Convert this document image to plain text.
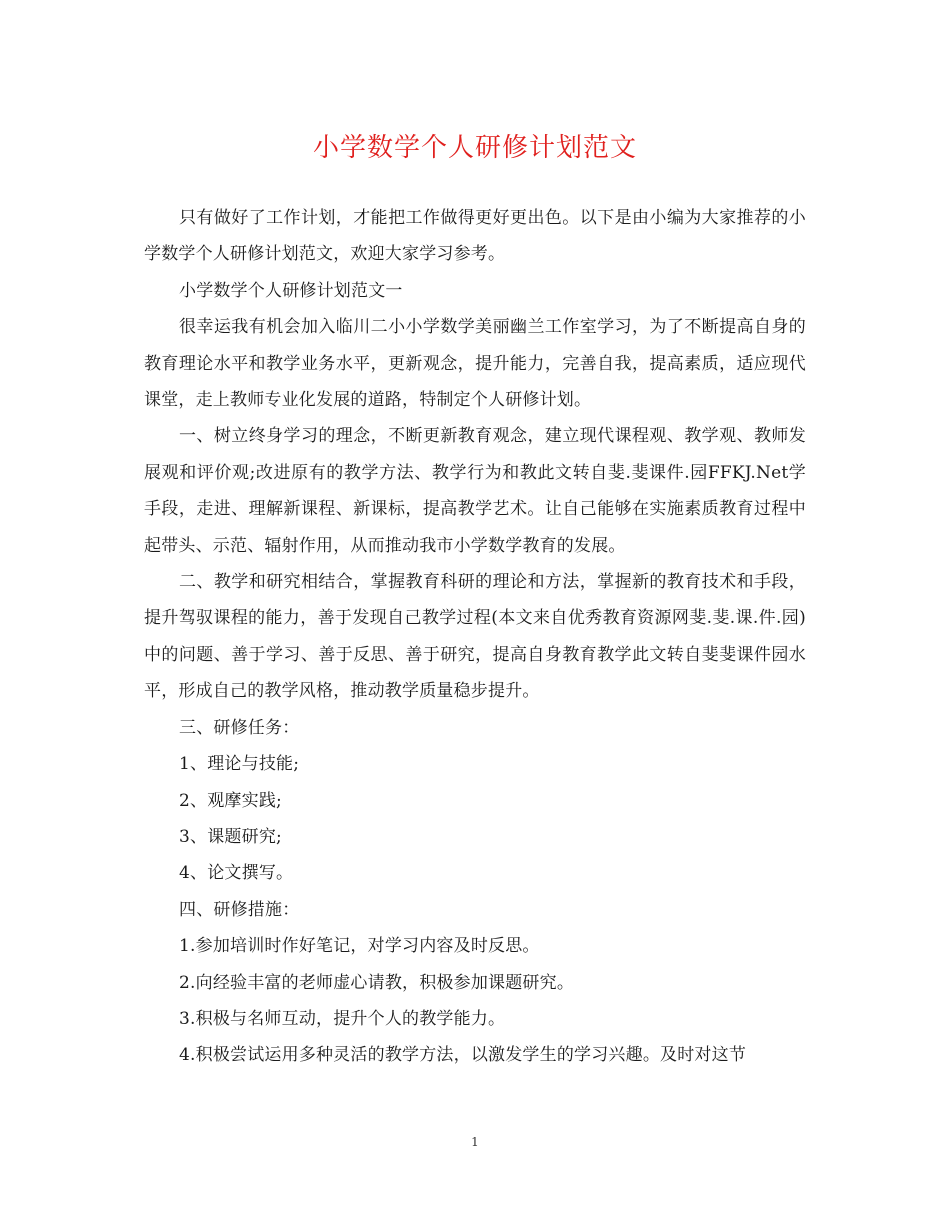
小学数学个人研修计划范文

只有做好了工作计划，才能把工作做得更好更出色。以下是由小编为大家推荐的小学数学个人研修计划范文，欢迎大家学习参考。

小学数学个人研修计划范文一

很幸运我有机会加入临川二小小学数学美丽幽兰工作室学习，为了不断提高自身的教育理论水平和教学业务水平，更新观念，提升能力，完善自我，提高素质，适应现代课堂，走上教师专业化发展的道路，特制定个人研修计划。

一、树立终身学习的理念，不断更新教育观念，建立现代课程观、教学观、教师发展观和评价观;改进原有的教学方法、教学行为和教此文转自斐.斐课件.园FFKJ.Net学手段，走进、理解新课程、新课标，提高教学艺术。让自己能够在实施素质教育过程中起带头、示范、辐射作用，从而推动我市小学数学教育的发展。

二、教学和研究相结合，掌握教育科研的理论和方法，掌握新的教育技术和手段，提升驾驭课程的能力，善于发现自己教学过程(本文来自优秀教育资源网斐.斐.课.件.园)中的问题、善于学习、善于反思、善于研究，提高自身教育教学此文转自斐斐课件园水平，形成自己的教学风格，推动教学质量稳步提升。

三、研修任务：

1、理论与技能;

2、观摩实践;

3、课题研究;

4、论文撰写。

四、研修措施：

1.参加培训时作好笔记，对学习内容及时反思。

2.向经验丰富的老师虚心请教，积极参加课题研究。

3.积极与名师互动，提升个人的教学能力。

4.积极尝试运用多种灵活的教学方法，以激发学生的学习兴趣。及时对这节

1
